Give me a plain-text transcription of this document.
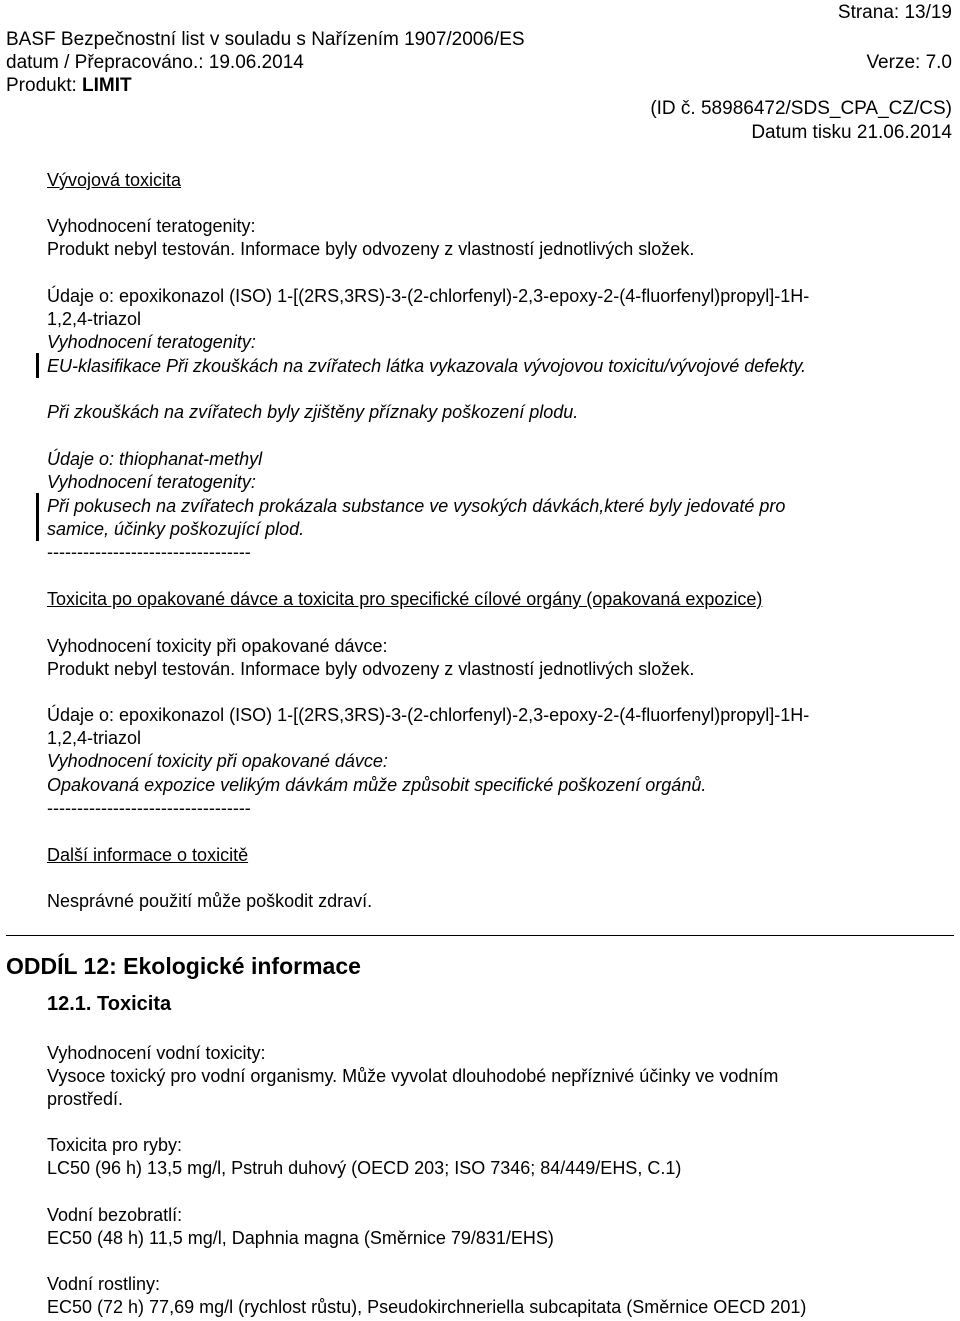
Strana: 13/19
BASF Bezpečnostní list v souladu s Nařízením 1907/2006/ES
datum / Přepracováno.: 19.06.2014	Verze: 7.0
Produkt: LIMIT
(ID č. 58986472/SDS_CPA_CZ/CS)
Datum tisku 21.06.2014
Vývojová toxicita
Vyhodnocení teratogenity:
Produkt nebyl testován. Informace byly odvozeny z vlastností jednotlivých složek.
Údaje o: epoxikonazol (ISO) 1-[(2RS,3RS)-3-(2-chlorfenyl)-2,3-epoxy-2-(4-fluorfenyl)propyl]-1H-
1,2,4-triazol
Vyhodnocení teratogenity:
EU-klasifikace Při zkouškách na zvířatech látka vykazovala vývojovou toxicitu/vývojové defekty.
Při zkouškách na zvířatech byly zjištěny příznaky poškození plodu.
Údaje o: thiophanat-methyl
Vyhodnocení teratogenity:
Při pokusech na zvířatech prokázala substance ve vysokých dávkách,které byly jedovaté pro
samice, účinky poškozující plod.
----------------------------------
Toxicita po opakované dávce a toxicita pro specifické cílové orgány (opakovaná expozice)
Vyhodnocení toxicity při opakované dávce:
Produkt nebyl testován. Informace byly odvozeny z vlastností jednotlivých složek.
Údaje o: epoxikonazol (ISO) 1-[(2RS,3RS)-3-(2-chlorfenyl)-2,3-epoxy-2-(4-fluorfenyl)propyl]-1H-
1,2,4-triazol
Vyhodnocení toxicity při opakované dávce:
Opakovaná expozice velikým dávkám může způsobit specifické poškození orgánů.
----------------------------------
Další informace o toxicitě
Nesprávné použití může poškodit zdraví.
ODDÍL 12: Ekologické informace
12.1. Toxicita
Vyhodnocení vodní toxicity:
Vysoce toxický pro vodní organismy. Může vyvolat dlouhodobé nepříznivé účinky ve vodním
prostředí.
Toxicita pro ryby:
LC50 (96 h) 13,5 mg/l, Pstruh duhový (OECD 203; ISO 7346; 84/449/EHS, C.1)
Vodní bezobratlí:
EC50 (48 h) 11,5 mg/l, Daphnia magna (Směrnice 79/831/EHS)
Vodní rostliny:
EC50 (72 h) 77,69 mg/l (rychlost růstu), Pseudokirchneriella subcapitata (Směrnice OECD 201)
